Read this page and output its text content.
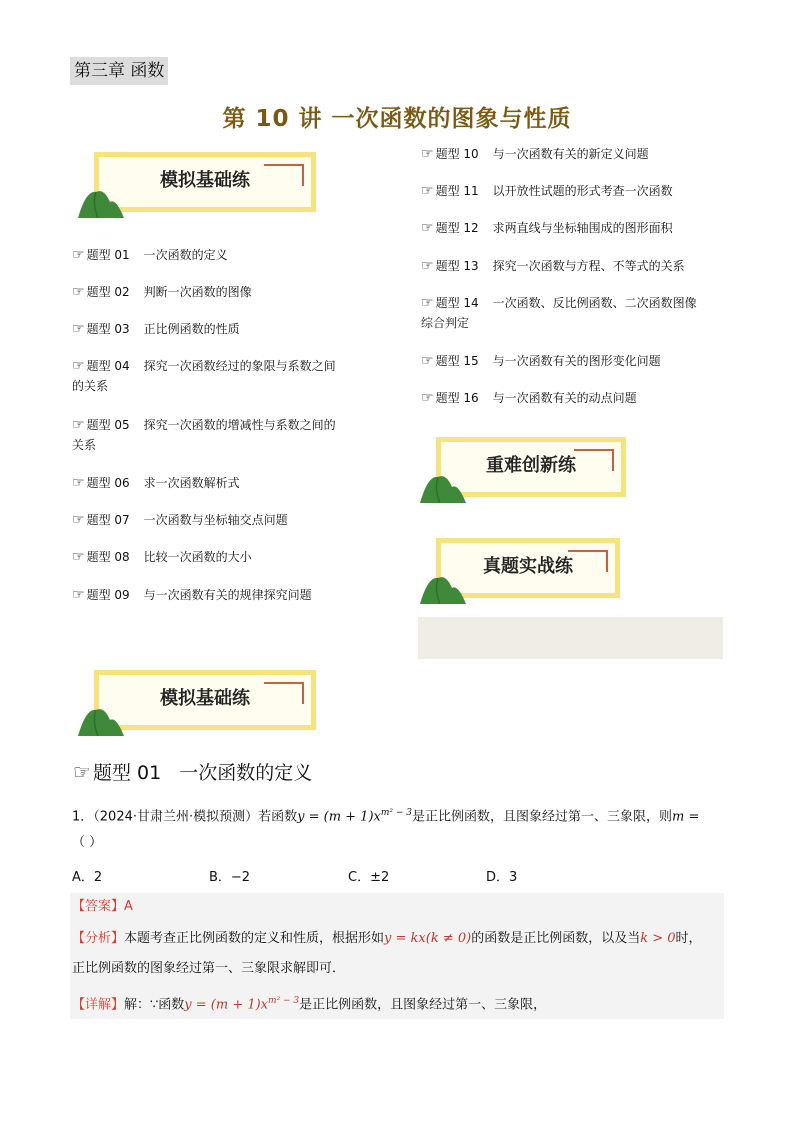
第三章 函数
第 10 讲 一次函数的图象与性质
模拟基础练
☞ 题型 01 一次函数的定义
☞ 题型 02 判断一次函数的图像
☞ 题型 03 正比例函数的性质
☞ 题型 04 探究一次函数经过的象限与系数之间
的关系
☞ 题型 05 探究一次函数的增减性与系数之间的
关系
☞ 题型 06 求一次函数解析式
☞ 题型 07 一次函数与坐标轴交点问题
☞ 题型 08 比较一次函数的大小
☞ 题型 09 与一次函数有关的规律探究问题
☞ 题型 10 与一次函数有关的新定义问题
☞ 题型 11 以开放性试题的形式考查一次函数
☞ 题型 12 求两直线与坐标轴围成的图形面积
☞ 题型 13 探究一次函数与方程、不等式的关系
☞ 题型 14 一次函数、反比例函数、二次函数图像
综合判定
☞ 题型 15 与一次函数有关的图形变化问题
☞ 题型 16 与一次函数有关的动点问题
重难创新练
真题实战练
模拟基础练
☞ 题型 01 一次函数的定义
1．（2024·甘肃兰州·模拟预测）若函数$y = (m + 1)x^{m^2 - 3}$是正比例函数，且图象经过第一、三象限，则m =
（ ）
A．2	B．−2	C．±2	D．3
【答案】A
【分析】本题考查正比例函数的定义和性质，根据形如y = kx(k ≠ 0)的函数是正比例函数，以及当k > 0时，
正比例函数的图象经过第一、三象限求解即可．
【详解】解：∵函数$y = (m + 1)x^{m^2 - 3}$是正比例函数，且图象经过第一、三象限，
